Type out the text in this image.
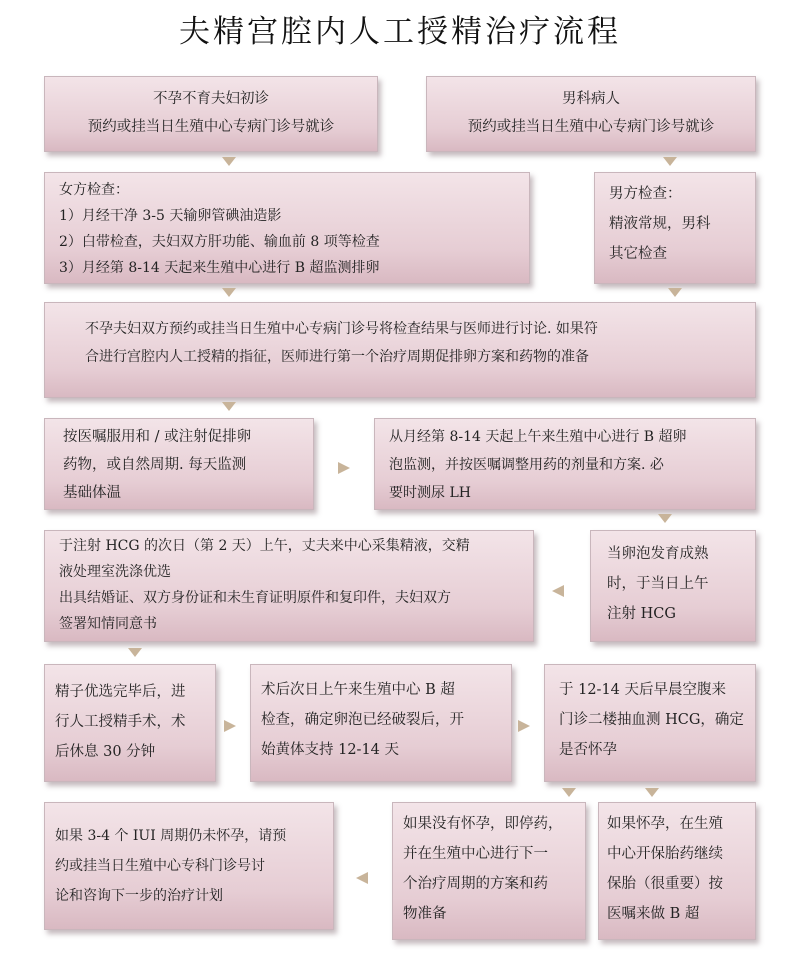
夫精宫腔内人工授精治疗流程
不孕不育夫妇初诊
预约或挂当日生殖中心专病门诊号就诊
男科病人
预约或挂当日生殖中心专病门诊号就诊
女方检查：
1）月经干净 3-5 天输卵管碘油造影
2）白带检查，夫妇双方肝功能、输血前 8 项等检查
3）月经第 8-14 天起来生殖中心进行 B 超监测排卵
男方检查：
精液常规，男科
其它检查
不孕夫妇双方预约或挂当日生殖中心专病门诊号将检查结果与医师进行讨论. 如果符
合进行宫腔内人工授精的指征，医师进行第一个治疗周期促排卵方案和药物的准备
按医嘱服用和 / 或注射促排卵
药物，或自然周期. 每天监测
基础体温
从月经第 8-14 天起上午来生殖中心进行 B 超卵
泡监测，并按医嘱调整用药的剂量和方案. 必
要时测尿 LH
于注射 HCG 的次日（第 2 天）上午，丈夫来中心采集精液，交精
液处理室洗涤优选
出具结婚证、双方身份证和未生育证明原件和复印件，夫妇双方
签署知情同意书
当卵泡发育成熟
时，于当日上午
注射 HCG
精子优选完毕后，进
行人工授精手术，术
后休息 30 分钟
术后次日上午来生殖中心 B 超
检查，确定卵泡已经破裂后，开
始黄体支持 12-14 天
于 12-14 天后早晨空腹来
门诊二楼抽血测 HCG，确定
是否怀孕
如果 3-4 个 IUI 周期仍未怀孕，请预
约或挂当日生殖中心专科门诊号讨
论和咨询下一步的治疗计划
如果没有怀孕，即停药，
并在生殖中心进行下一
个治疗周期的方案和药
物准备
如果怀孕，在生殖
中心开保胎药继续
保胎（很重要）按
医嘱来做 B 超
